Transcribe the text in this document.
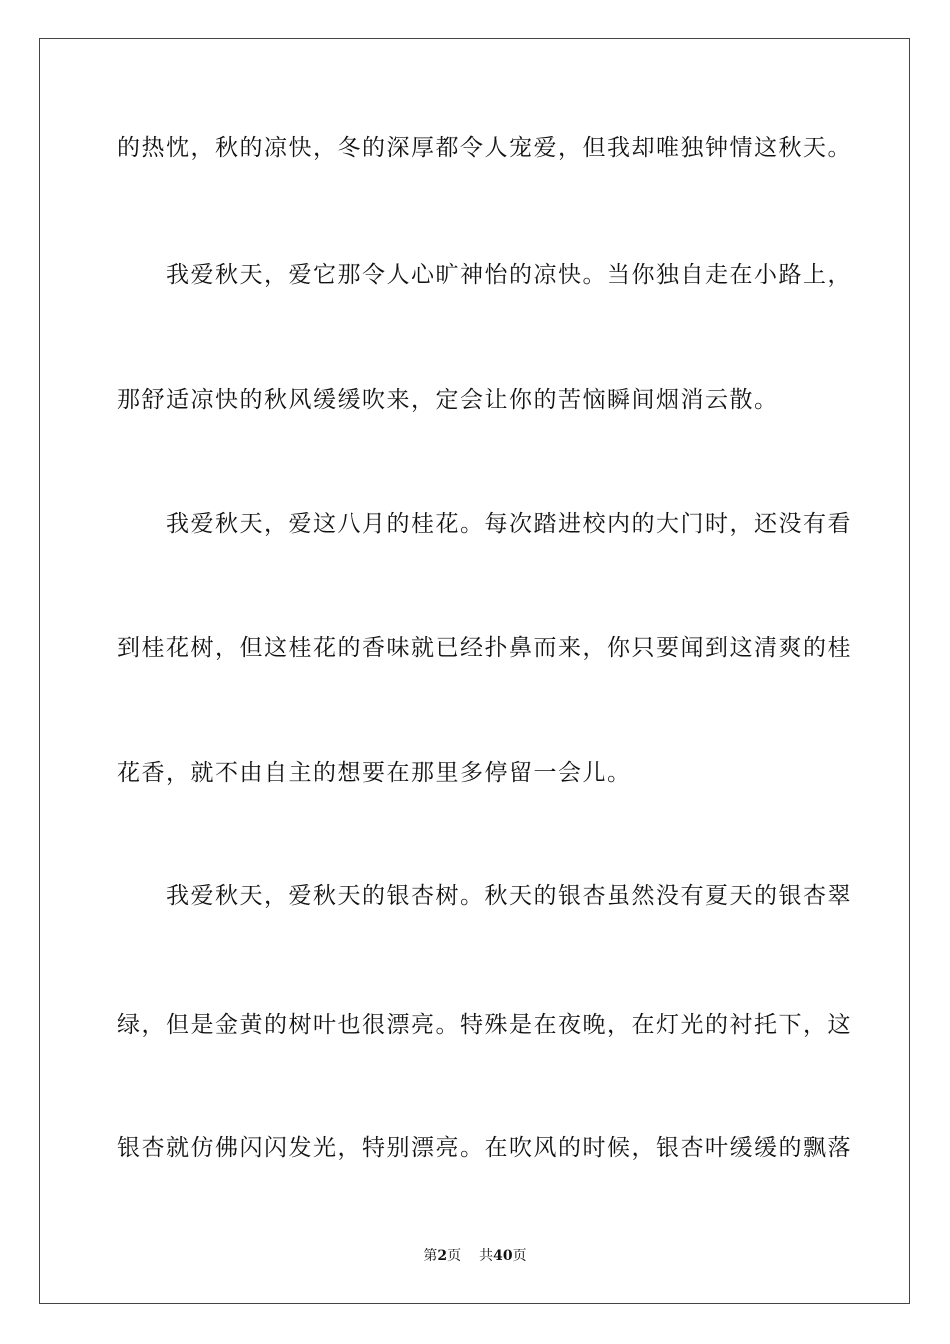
的热忱，秋的凉快，冬的深厚都令人宠爱，但我却唯独钟情这秋天。
　　我爱秋天，爱它那令人心旷神怡的凉快。当你独自走在小路上，
那舒适凉快的秋风缓缓吹来，定会让你的苦恼瞬间烟消云散。
　　我爱秋天，爱这八月的桂花。每次踏进校内的大门时，还没有看
到桂花树，但这桂花的香味就已经扑鼻而来，你只要闻到这清爽的桂
花香，就不由自主的想要在那里多停留一会儿。
　　我爱秋天，爱秋天的银杏树。秋天的银杏虽然没有夏天的银杏翠
绿，但是金黄的树叶也很漂亮。特殊是在夜晚，在灯光的衬托下，这
银杏就仿佛闪闪发光，特别漂亮。在吹风的时候，银杏叶缓缓的飘落
第2页 共40页
